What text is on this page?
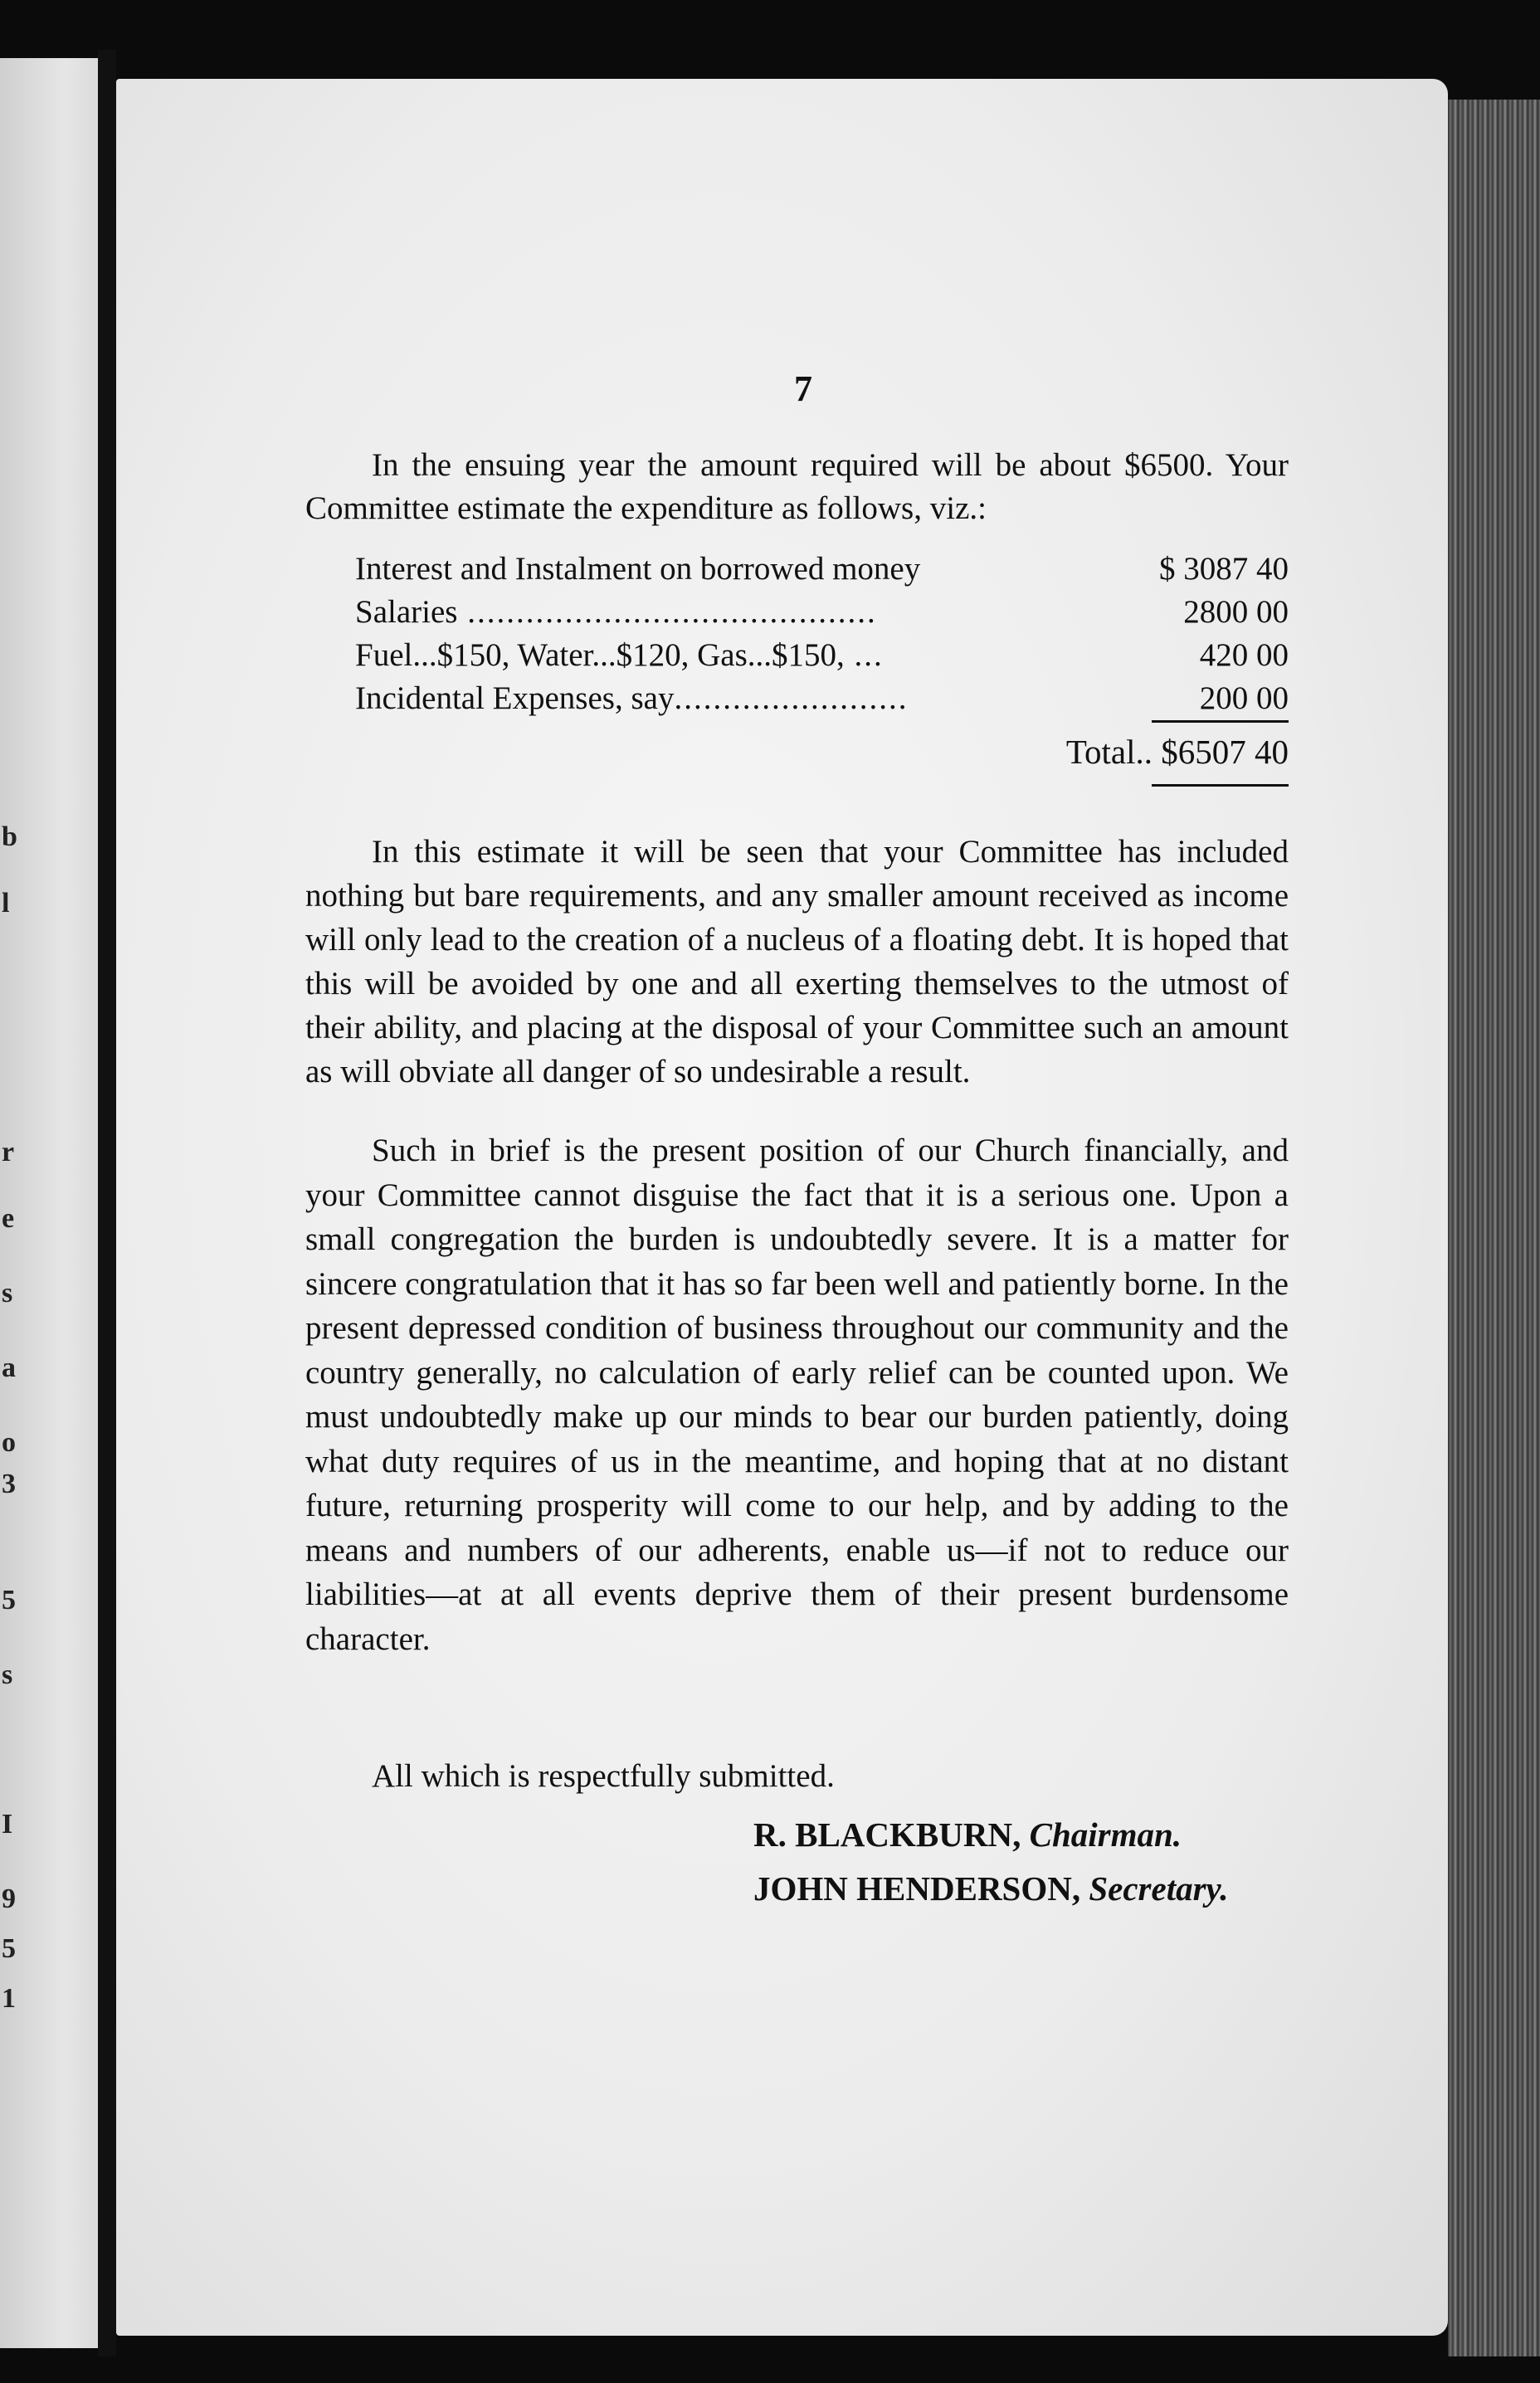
b
l
r
e
s
a
o
3
5
s
I
9
5
1
7

In the ensuing year the amount required will be about $6500. Your Committee estimate the expenditure as follows, viz.:

Interest and Instalment on borrowed money	$ 3087 40
Salaries ..........................................	2800 00
Fuel...$150, Water...$120, Gas...$150, ...	420 00
Incidental Expenses, say........................	200 00
Total.. $6507 40

In this estimate it will be seen that your Committee has included nothing but bare requirements, and any smaller amount received as income will only lead to the creation of a nucleus of a floating debt. It is hoped that this will be avoided by one and all exerting themselves to the utmost of their ability, and placing at the disposal of your Committee such an amount as will obviate all danger of so undesirable a result.

Such in brief is the present position of our Church financially, and your Committee cannot disguise the fact that it is a serious one. Upon a small congregation the burden is undoubtedly severe. It is a matter for sincere congratulation that it has so far been well and patiently borne. In the present depressed condition of business throughout our community and the country generally, no calculation of early relief can be counted upon. We must undoubtedly make up our minds to bear our burden patiently, doing what duty requires of us in the meantime, and hoping that at no distant future, returning prosperity will come to our help, and by adding to the means and numbers of our adherents, enable us—if not to reduce our liabilities—at at all events deprive them of their present burdensome character.

All which is respectfully submitted.

R. BLACKBURN, Chairman.
JOHN HENDERSON, Secretary.
